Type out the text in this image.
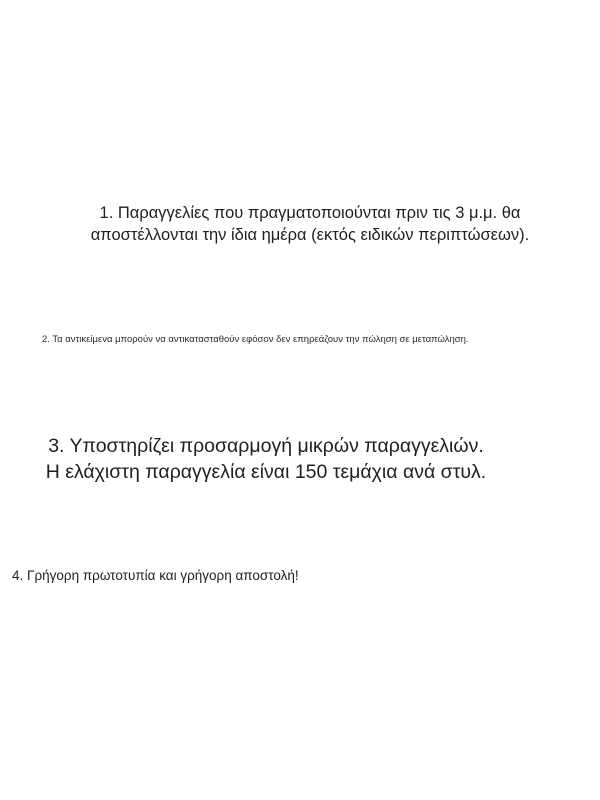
1. Παραγγελίες που πραγματοποιούνται πριν τις 3 μ.μ. θα
αποστέλλονται την ίδια ημέρα (εκτός ειδικών περιπτώσεων).
2. Τα αντικείμενα μπορούν να αντικατασταθούν εφόσον δεν επηρεάζουν την πώληση σε μεταπώληση.
3. Υποστηρίζει προσαρμογή μικρών παραγγελιών.
Η ελάχιστη παραγγελία είναι 150 τεμάχια ανά στυλ.
4. Γρήγορη πρωτοτυπία και γρήγορη αποστολή!
